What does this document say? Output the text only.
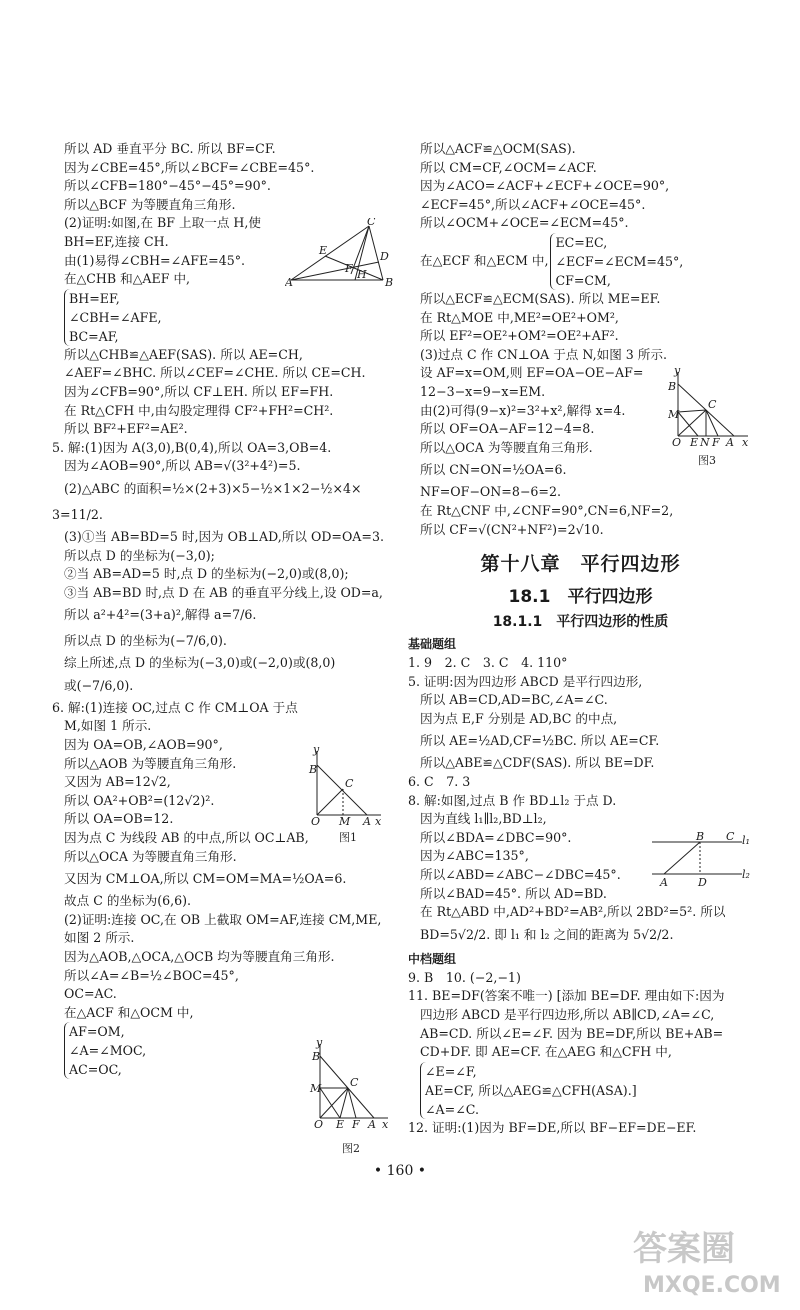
所以 AD 垂直平分 BC. 所以 BF=CF.
因为∠CBE=45°,所以∠BCF=∠CBE=45°.
所以∠CFB=180°−45°−45°=90°.
所以△BCF 为等腰直角三角形.
(2)证明:如图,在 BF 上取一点 H,使
BH=EF,连接 CH.
由(1)易得∠CBH=∠AFE=45°.
在△CHB 和△AEF 中,
BH=EF,
∠CBH=∠AFE,
BC=AF,
所以△CHB≌△AEF(SAS). 所以 AE=CH,
∠AEF=∠BHC. 所以∠CEF=∠CHE. 所以 CE=CH.
因为∠CFB=90°,所以 CF⊥EH. 所以 EF=FH.
在 Rt△CFH 中,由勾股定理得 CF²+FH²=CH².
所以 BF²+EF²=AE².
5. 解:(1)因为 A(3,0),B(0,4),所以 OA=3,OB=4.
因为∠AOB=90°,所以 AB=√(3²+4²)=5.
(2)△ABC 的面积=½×(2+3)×5−½×1×2−½×4×
3=11/2.
(3)①当 AB=BD=5 时,因为 OB⊥AD,所以 OD=OA=3.
所以点 D 的坐标为(−3,0);
②当 AB=AD=5 时,点 D 的坐标为(−2,0)或(8,0);
③当 AB=BD 时,点 D 在 AB 的垂直平分线上,设 OD=a,
所以 a²+4²=(3+a)²,解得 a=7/6.
所以点 D 的坐标为(−7/6,0).
综上所述,点 D 的坐标为(−3,0)或(−2,0)或(8,0)
或(−7/6,0).
6. 解:(1)连接 OC,过点 C 作 CM⊥OA 于点
M,如图 1 所示.
因为 OA=OB,∠AOB=90°,
所以△AOB 为等腰直角三角形.
又因为 AB=12√2,
所以 OA²+OB²=(12√2)².
所以 OA=OB=12.
因为点 C 为线段 AB 的中点,所以 OC⊥AB,
所以△OCA 为等腰直角三角形.
又因为 CM⊥OA,所以 CM=OM=MA=½OA=6.
故点 C 的坐标为(6,6).
(2)证明:连接 OC,在 OB 上截取 OM=AF,连接 CM,ME,
如图 2 所示.
因为△AOB,△OCA,△OCB 均为等腰直角三角形.
所以∠A=∠B=½∠BOC=45°,
OC=AC.
在△ACF 和△OCM 中,
AF=OM,
∠A=∠MOC,
AC=OC,
所以△ACF≌△OCM(SAS).
所以 CM=CF,∠OCM=∠ACF.
因为∠ACO=∠ACF+∠ECF+∠OCE=90°,
∠ECF=45°,所以∠ACF+∠OCE=45°.
所以∠OCM+∠OCE=∠ECM=45°.
在△ECF 和△ECM 中,
EC=EC,
∠ECF=∠ECM=45°,
CF=CM,
所以△ECF≌△ECM(SAS). 所以 ME=EF.
在 Rt△MOE 中,ME²=OE²+OM²,
所以 EF²=OE²+OM²=OE²+AF².
(3)过点 C 作 CN⊥OA 于点 N,如图 3 所示.
设 AF=x=OM,则 EF=OA−OE−AF=
12−3−x=9−x=EM.
由(2)可得(9−x)²=3²+x²,解得 x=4.
所以 OF=OA−AF=12−4=8.
所以△OCA 为等腰直角三角形.
所以 CN=ON=½OA=6.
NF=OF−ON=8−6=2.
在 Rt△CNF 中,∠CNF=90°,CN=6,NF=2,
所以 CF=√(CN²+NF²)=2√10.
第十八章　平行四边形
18.1　平行四边形
18.1.1　平行四边形的性质
基础题组
1. 9　2. C　3. C　4. 110°
5. 证明:因为四边形 ABCD 是平行四边形,
所以 AB=CD,AD=BC,∠A=∠C.
因为点 E,F 分别是 AD,BC 的中点,
所以 AE=½AD,CF=½BC. 所以 AE=CF.
所以△ABE≌△CDF(SAS). 所以 BE=DF.
6. C　7. 3
8. 解:如图,过点 B 作 BD⊥l₂ 于点 D.
因为直线 l₁∥l₂,BD⊥l₂,
所以∠BDA=∠DBC=90°.
因为∠ABC=135°,
所以∠ABD=∠ABC−∠DBC=45°.
所以∠BAD=45°. 所以 AD=BD.
在 Rt△ABD 中,AD²+BD²=AB²,所以 2BD²=5². 所以
BD=5√2/2. 即 l₁ 和 l₂ 之间的距离为 5√2/2.
中档题组
9. B　10. (−2,−1)
11. BE=DF(答案不唯一) [添加 BE=DF. 理由如下:因为
四边形 ABCD 是平行四边形,所以 AB∥CD,∠A=∠C,
AB=CD. 所以∠E=∠F. 因为 BE=DF,所以 BE+AB=
CD+DF. 即 AE=CF. 在△AEG 和△CFH 中,
∠E=∠F,
AE=CF, 所以△AEG≌△CFH(ASA).]
∠A=∠C.
12. 证明:(1)因为 BF=DE,所以 BF−EF=DE−EF.
A	B
C
D
E
F H
y
B
C
O M A x
图1
y
B
M	C
O E F A x
图2
y
B
M
C
O E N F A x
图3
B C l₁
A	D
l₂
• 160 •
答案圈
MXQE.COM
